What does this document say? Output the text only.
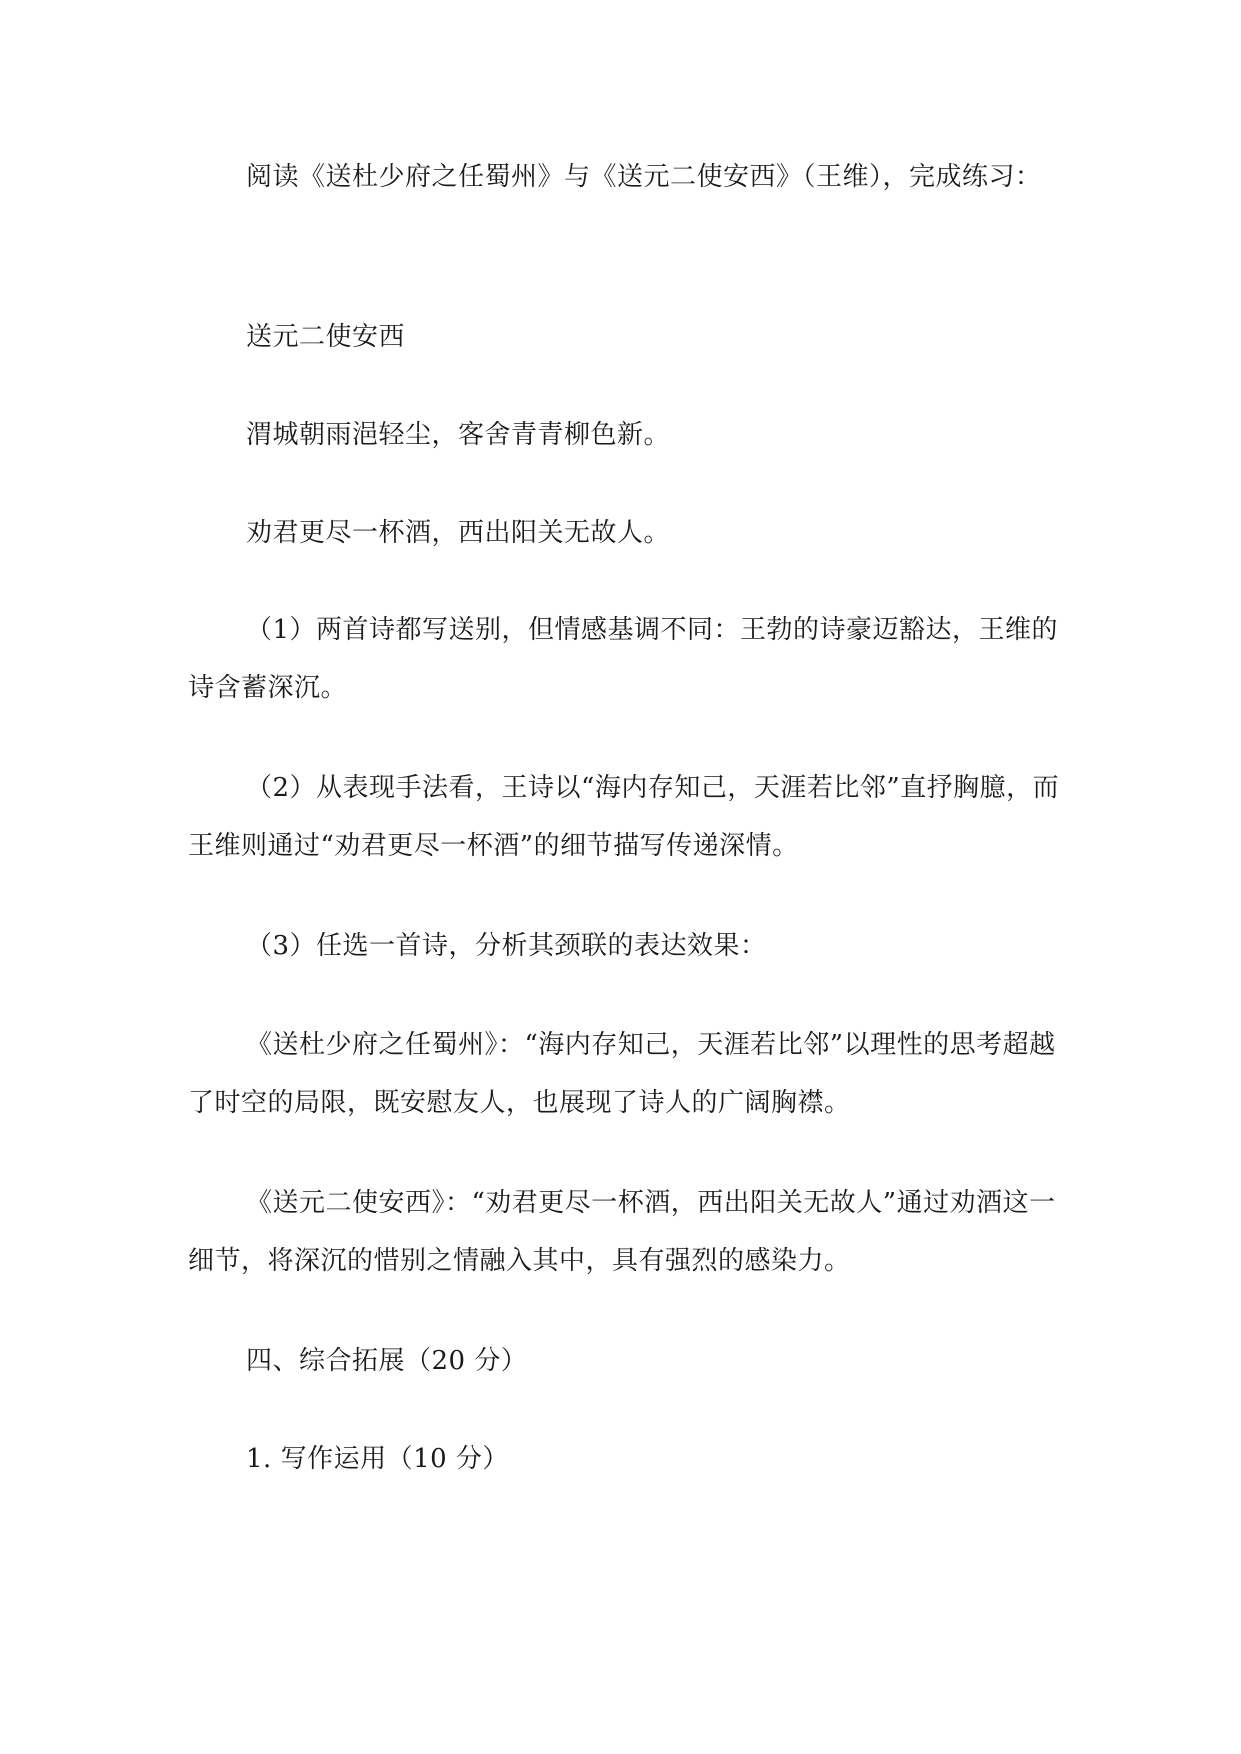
阅读《送杜少府之任蜀州》与《送元二使安西》（王维），完成练习：
送元二使安西
渭城朝雨浥轻尘，客舍青青柳色新。
劝君更尽一杯酒，西出阳关无故人。
（1）两首诗都写送别，但情感基调不同：王勃的诗豪迈豁达，王维的诗含蓄深沉。
（2）从表现手法看，王诗以“海内存知己，天涯若比邻”直抒胸臆，而王维则通过“劝君更尽一杯酒”的细节描写传递深情。
（3）任选一首诗，分析其颈联的表达效果：
《送杜少府之任蜀州》：“海内存知己，天涯若比邻”以理性的思考超越了时空的局限，既安慰友人，也展现了诗人的广阔胸襟。
《送元二使安西》：“劝君更尽一杯酒，西出阳关无故人”通过劝酒这一细节，将深沉的惜别之情融入其中，具有强烈的感染力。
四、综合拓展（20 分）
1. 写作运用（10 分）
